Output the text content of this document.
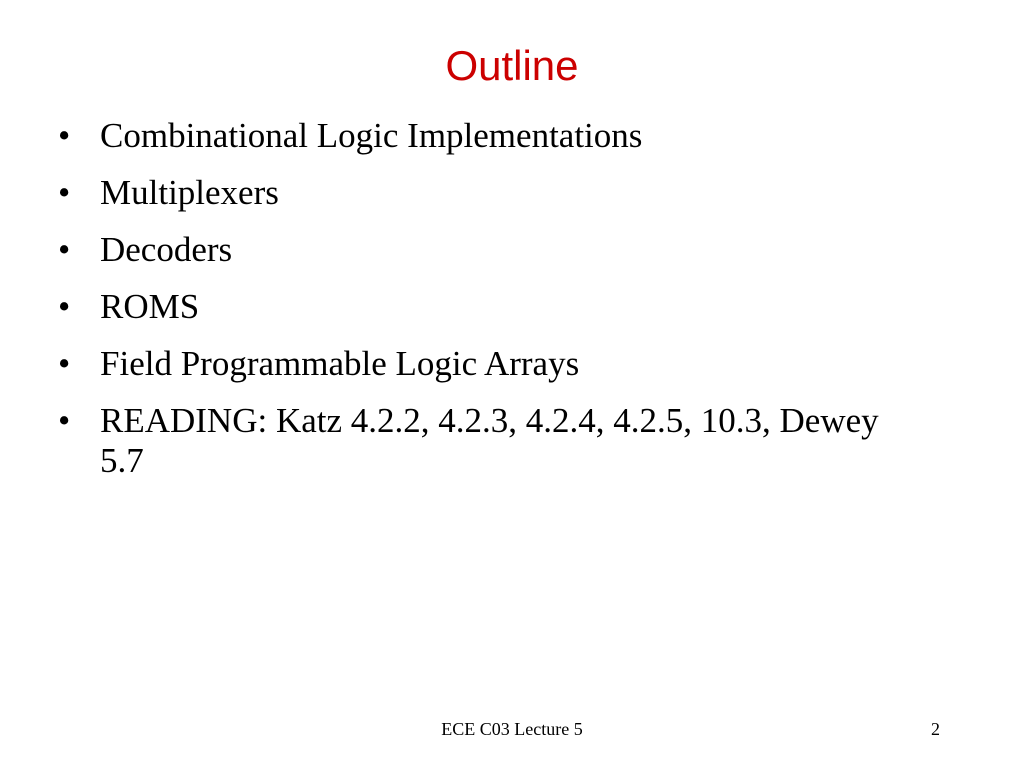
Outline
• Combinational Logic Implementations
• Multiplexers
• Decoders
• ROMS
• Field Programmable Logic Arrays
• READING: Katz 4.2.2, 4.2.3, 4.2.4, 4.2.5, 10.3, Dewey 5.7
ECE C03 Lecture 5	2
